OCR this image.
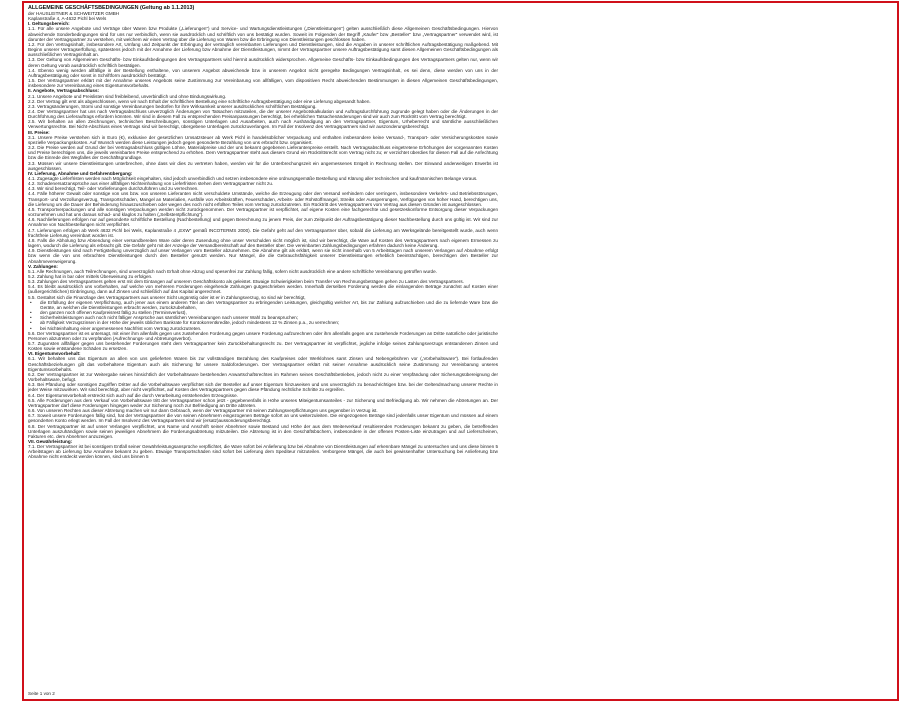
ALLGEMEINE GESCHÄFTSBEDINGUNGEN (Geltung ab 1.1.2013)

der HAUSLEITNER & SCHWEITZER GMBH

Kaplanstraße 4, A-4632 Pichl bei Wels

I. Geltungsbereich:

1.1. Für alle unsere Angebote und Verträge über Waren bzw Produkte („Lieferungen“) und Service- und Wartungsdienstleistungen („Dienstleistungen“) gelten ausschließlich diese Allgemeinen Geschäftsbedingungen. Hiervon abweichende Sonderbedingungen sind für uns nur verbindlich, wenn sie ausdrücklich und schriftlich von uns bestätigt wurden. Soweit im Folgenden der Begriff „Käufer“ bzw „Besteller“ bzw „Vertragspartner“ verwendet wird, ist darunter der Vertragspartner zu verstehen, mit welchem wir einen Vertrag über die Lieferung von Waren bzw die Erbringung von Dienstleistungen geschlossen haben.

1.2. Für den Vertragsinhalt, insbesondere Art, Umfang und Zeitpunkt der Erbringung der vertraglich vereinbarten Lieferungen und Dienstleistungen, sind die Angaben in unserer schriftlichen Auftragsbestätigung maßgebend. Mit Beginn unserer Vertragserfüllung, spätestens jedoch mit der Annahme der Lieferung bzw Abnahme der Dienstleistungen, nimmt der Vertragspartner unsere Auftragsbestätigung samt diesen Allgemeinen Geschäftsbedingungen als ausschließlichen Vertragsinhalt an.

1.3. Der Geltung von Allgemeinen Geschäfts- bzw Einkaufsbedingungen des Vertragspartners wird hiermit ausdrücklich widersprochen. Allgemeine Geschäfts- bzw Einkaufsbedingungen des Vertragspartners gelten nur, wenn wir deren Geltung vorab ausdrücklich schriftlich bestätigen.

1.4. Ebenso wenig werden allfällige in der Bestellung enthaltene, von unserem Angebot abweichende bzw in unserem Angebot nicht geregelte Bedingungen Vertragsinhalt, es sei denn, diese werden von uns in der Auftragsbestätigung oder sonst in Schriftform ausdrücklich bestätigt.

1.5. Der Vertragspartner erklärt mit der Annahme unseres Angebots seine Zustimmung zur Vereinbarung von allfälligen, vom dispositiven Recht abweichenden Bestimmungen in diesen Allgemeinen Geschäftsbedingungen, insbesondere zur Vereinbarung eines Eigentumsvorbehalts.

II. Angebote, Vertragsabschluss:

2.1. Unsere Angebote und Preislisten sind freibleibend, unverbindlich und ohne Bindungswirkung.

2.2. Der Vertrag gilt erst als abgeschlossen, wenn wir nach Erhalt der schriftlichen Bestellung eine schriftliche Auftragsbestätigung oder eine Lieferung abgesandt haben.

2.3. Vertragsänderungen, Storni und sonstige Vereinbarungen bedürfen für ihre Wirksamkeit unserer ausdrücklichen schriftlichen Bestätigung.

2.4. Der Vertragspartner hat uns nach Vertragsabschluss unverzüglich Änderungen von Tatsachen mitzuteilen, die der unserer Angebotskalkulation und Auftragsdurchführung zugrunde gelegt haben oder die Änderungen in der Durchführung des Lieferauftrags erfordern könnten. Wir sind in diesem Fall zu entsprechenden Preisanpassungen berechtigt, bei erheblichen Tatsachenänderungen sind wir auch zum Rücktritt vom Vertrag berechtigt.

2.5. Wir behalten an allen Zeichnungen, technischen Beschreibungen, sonstigen Unterlagen und Ausarbeiten, auch nach Aushändigung an den Vertragspartner, Eigentum, Urheberrecht und sämtliche ausschließlichen Verwertungsrechte. Bei Nicht-Abschluss eines Vertrags sind wir berechtigt, übergebene Unterlagen zurückzuverlangen. Im Fall der Insolvenz des Vertragspartners sind wir auszonderungsberechtigt.

III. Preise:

3.1. Unsere Preise verstehen sich in Euro (€), exklusive der gesetzlichen Umsatzsteuer ab Werk Pichl in handelsüblicher Verpackung und enthalten insbesondere keine Versand-, Transport- oder Versicherungskosten sowie spezielle Verpackungskosten. Auf Wunsch werden diese Leistungen jedoch gegen gesonderte Bezahlung von uns erbracht bzw. organisiert.

3.2. Die Preise werden auf Grund der bei Vertragsabschluss gültigen Löhne, Materialpreise und der uns bekannt gegebenen Lieferantenpreise erstellt. Nach Vertragsabschluss eingetretene Erhöhungen der vorgenannten Kosten und Preise berechtigen uns, die jeweils vereinbarten Preise entsprechend zu erhöhen. Dem Vertragspartner steht aus diesem Grund ein Rücktrittsrecht vom Vertrag nicht zu; er verzichtet überdies für diesen Fall auf die Anfechtung bzw die Einrede des Wegfalles der Geschäftsgrundlage.

3.3. Müssen wir unsere Dienstleistungen unterbrechen, ohne dass wir dies zu vertreten haben, werden wir für die Unterbrechungszeit ein angemessenes Entgelt in Rechnung stellen. Der Einwand anderweitigen Erwerbs ist ausgeschlossen.

IV. Lieferung, Abnahme und Gefahrenübergang:

4.1. Zugesagte Lieferfristen werden nach Möglichkeit eingehalten, sind jedoch unverbindlich und setzen insbesondere eine ordnungsgemäße Bestellung und Klärung aller technischen und kaufmännischen Belange voraus.

4.2. Schadenersatzansprüche aus einer allfälligen Nichteinhaltung von Lieferfristen stehen dem Vertragspartner nicht zu.

4.3. Wir sind berechtigt, Teil- oder Vorlieferungen durchzuführen und zu verrechnen.

4.4. Fälle höherer Gewalt oder sonstige von uns bzw. von unseren Lieferanten nicht verschuldete Umstände, welche die Erzeugung oder den Versand verhindern oder verringern, insbesondere Verkehrs- und Betriebsstörungen, Transport- und Verzollungsverzug, Transportschäden, Mangel an Materialien, Ausfälle von Arbeitskräften, Feuerschäden, Arbeits- oder Rohstoffmangel, Streiks oder Aussperrungen, Verfügungen von hoher Hand, berechtigen uns, die Lieferung um die Dauer der Behinderung hinauszuschieben oder wegen des noch nicht erfüllten Teiles vom Vertrag zurückzutreten. Ein Rücktritt des Vertragspartners vom Vertrag aus diesen Gründen ist ausgeschlossen.

4.5. Transportverpackungen und alle sonstigen Verpackungen werden nicht zurückgenommen. Der Vertragspartner ist verpflichtet, auf eigene Kosten eine fachgerechte und gesetzeskonforme Entsorgung dieser Verpackungen vorzunehmen und hat uns daraus schad- und klaglos zu halten („Selbstentpflichtung“).

4.6. Nachlieferungen erfolgen nur auf gesonderte schriftliche Bestellung (Nachbestellung) und gegen Berechnung zu jenem Preis, der zum Zeitpunkt der Auftragsbestätigung dieser Nachbestellung durch uns gültig ist. Wir sind zur Annahme von Nachbestellungen nicht verpflichtet.

4.7. Lieferungen erfolgen ab Werk 4632 Pichl bei Wels, Kaplanstraße 4 „EXW“ gemäß INCOTERMS 2000). Die Gefahr geht auf den Vertragspartner über, sobald die Lieferung am Werksgelände bereitgestellt wurde, auch wenn frachtfreie Lieferung vereinbart worden ist.

4.8. Falls die Abholung bzw Absendung einer versandbereiten Ware oder deren Zusendung ohne unser Verschulden nicht möglich ist, sind wir berechtigt, die Ware auf Kosten des Vertragspartners nach eigenem Ermessen zu lagern, wodurch die Lieferung als erbracht gilt. Die Gefahr geht mit der Anzeige der Versandbereitschaft auf den Besteller über. Die vereinbarten Zahlungsbedingungen erfahren dadurch keine Änderung.

4.9. Dienstleistungen sind nach Fertigstellung unverzüglich auf unser Verlangen vom Besteller abzunehmen. Die Abnahme gilt als erklärt, wenn sie nicht innerhalb von 5 Arbeitstagen nach unserem Verlangen auf Abnahme erfolgt bzw wenn die von uns erbrachten Dienstleistungen durch den Besteller genutzt werden. Nur Mängel, die die Gebrauchsfähigkeit unserer Dienstleistungen erheblich beeinträchtigen, berechtigen den Besteller zur Abnahmeverweigerung.

V. Zahlungen:

5.1. Alle Rechnungen, auch Teilrechnungen, sind unverzüglich nach Erhalt ohne Abzug und spesenfrei zur Zahlung fällig, sofern nicht ausdrücklich eine andere schriftliche Vereinbarung getroffen wurde.

5.2. Zahlung hat in bar oder mittels Überweisung zu erfolgen.

5.3. Zahlungen des Vertragspartners gelten erst mit dem Eintangen auf unserem Geschäftskonto als geleistet. Etwaige Schwierigkeiten beim Transfer von Rechnungsbeträgen gehen zu Lasten des Vertragspartners.

5.4. Es bleibt ausdrücklich uns vorbehalten, auf welche von mehreren Forderungen eingehende Zahlungen gutgeschrieben werden. Innerhalb derselben Forderung werden die einlangenden Beträge zunächst auf Kosten einer (außergerichtlichen) Einbringung, dann auf Zinsen und schließlich auf das Kapital angerechnet.

5.5. Gestaltet sich die Finanzlage des Vertragspartners aus unserer Sicht ungünstig oder ist er in Zahlungsverzug, so sind wir berechtigt,

• die Erfüllung der eigenen Verpflichtung, auch jener aus einem anderen Titel an den Vertragspartner zu erbringenden Leistungen, gleichgültig welcher Art, bis zur Zahlung aufzuschieben und die zu liefernde Ware bzw die Geräte, an welchen die Dienstleistungen erbracht werden, zurückzubehalten,

• den ganzen noch offenen Kaufpreisrest fällig zu stellen (Terminsverlust),

• Sicherheitsleistungen auch noch nicht fälliger Ansprüche aus sämtlichen Vereinbarungen nach unserer Wahl zu beanspruchen;

• ab Fälligkeit Verzugszinsen in der Höhe der jeweils üblichen Bankrate für Kontokorrentkredite, jedoch mindestens 12 % Zinsen p.a., zu verrechnen;

• bei Nichteinhaltung einer angemessenen Nachfrist vom Vertrag zurückzutreten.

5.6. Der Vertragspartner ist es untersagt, mit einer ihm allenfalls gegen uns zustehenden Forderung gegen unsere Forderung aufzurechnen oder ihm allenfalls gegen uns zustehende Forderungen an Dritte natürliche oder juristische Personen abzutreten oder zu verpfänden (Aufrechnungs- und Abtretungsverbot).

5.7. Zugunsten allfälliger gegen uns bestehender Forderungen steht dem Vertragspartner kein Zurückbehaltungsrecht zu. Der Vertragspartner ist verpflichtet, jegliche infolge seines Zahlungsverzugs entstandenen Zinsen und Kosten sowie entstandene Schäden zu ersetzen.

VI. Eigentumsvorbehalt:

6.1. Wir behalten uns das Eigentum an allen von uns gelieferten Waren bis zur vollständigen Bezahlung des Kaufpreises oder Werklohnes samt Zinsen und Nebengebühren vor („Vorbehaltsware“). Bei fortlaufenden Geschäftsbeziehungen gilt das vorbehaltene Eigentum auch als Sicherung für unsere Saldoforderungen. Der Vertragspartner erklärt mit seiner Annahme ausdrücklich seine Zustimmung zur Vereinbarung unseres Eigentumsvorbehalts.

6.2. Der Vertragspartner ist zur Weitergabe seines hinsichtlich der Vorbehaltsware bestehenden Anwartschaftsrechtes im Rahmen seines Geschäftsbetriebes, jedoch nicht zu einer Verpfändung oder Sicherungsübereignung der Vorbehaltsware, befugt.

6.3. Bei Pfändung oder sonstigen Zugriffen Dritter auf die Vorbehaltsware verpflichtet sich der Besteller auf unser Eigentum hinzuweisen und uns unverzüglich zu benachrichtigen bzw. bei der Geltendmachung unserer Rechte in jeder Weise mitzuwirken. Wir sind berechtigt, aber nicht verpflichtet, auf Kosten des Vertragspartners gegen diese Pfändung rechtliche Schritte zu ergreifen.

6.4. Der Eigentumsvorbehalt erstreckt sich auch auf die durch Verarbeitung entstehenden Erzeugnisse.

6.5. Alle Forderungen aus dem Verkauf von Vorbehaltsware tritt der Vertragspartner schon jetzt - gegebenenfalls in Höhe unseres Miteigentumsanteiles - zur Sicherung und Befriedigung ab. Wir nehmen die Abtretungen an. Der Vertragspartner darf diese Forderungen hingegen weder zur Sicherung noch zur Befriedigung an Dritte abtreten.

6.6. Von unseren Rechten aus dieser Abtretung machen wir nur dann Gebrauch, wenn der Vertragspartner mit seinen Zahlungsverpflichtungen uns gegenüber in Verzug ist.

6.7. Soweit unsere Forderungen fällig sind, hat der Vertragspartner die von seinen Abnehmern eingezogenen Beträge sofort an uns weiterzuleiten. Die eingezogenen Beträge sind jedenfalls unser Eigentum und müssen auf einem gesonderten Konto erlegt werden. Im Fall der Insolvenz des Vertragspartners sind wir (ersatz)aussonderungsberechtigt.

6.8. Der Vertragspartner ist auf unser Verlangen verpflichtet, uns Name und Anschrift seiner Abnehmer sowie Bestand und Höhe der aus dem Weiterverkauf resultierenden Forderungen bekannt zu geben, die betreffenden Unterlagen auszuhändigen sowie seinen jeweiligen Abnehmern die Forderungsabtretung mitzuteilen. Die Abtretung ist in den Geschäftsbüchern, insbesondere in der offenen Posten-Liste einzutragen und auf Lieferscheinen, Fakturen etc. dem Abnehmer anzuzeigen.

VII. Gewährleistung:

7.1. Der Vertragspartner ist bei sonstigem Entfall seiner Gewährleistungsansprüche verpflichtet, die Ware sofort bei Anlieferung bzw bei Abnahme von Dienstleistungen auf erkennbare Mängel zu untersuchen und uns diese binnen 5 Arbeitstagen ab Lieferung bzw Annahme bekannt zu geben. Etwaige Transportschäden sind sofort bei Lieferung dem Spediteur mitzuteilen. Verborgene Mängel, die auch bei gewissenhafter Untersuchung bei Anlieferung bzw Abnahme nicht entdeckt werden können, sind uns binnen 5

Seite 1 von 2
